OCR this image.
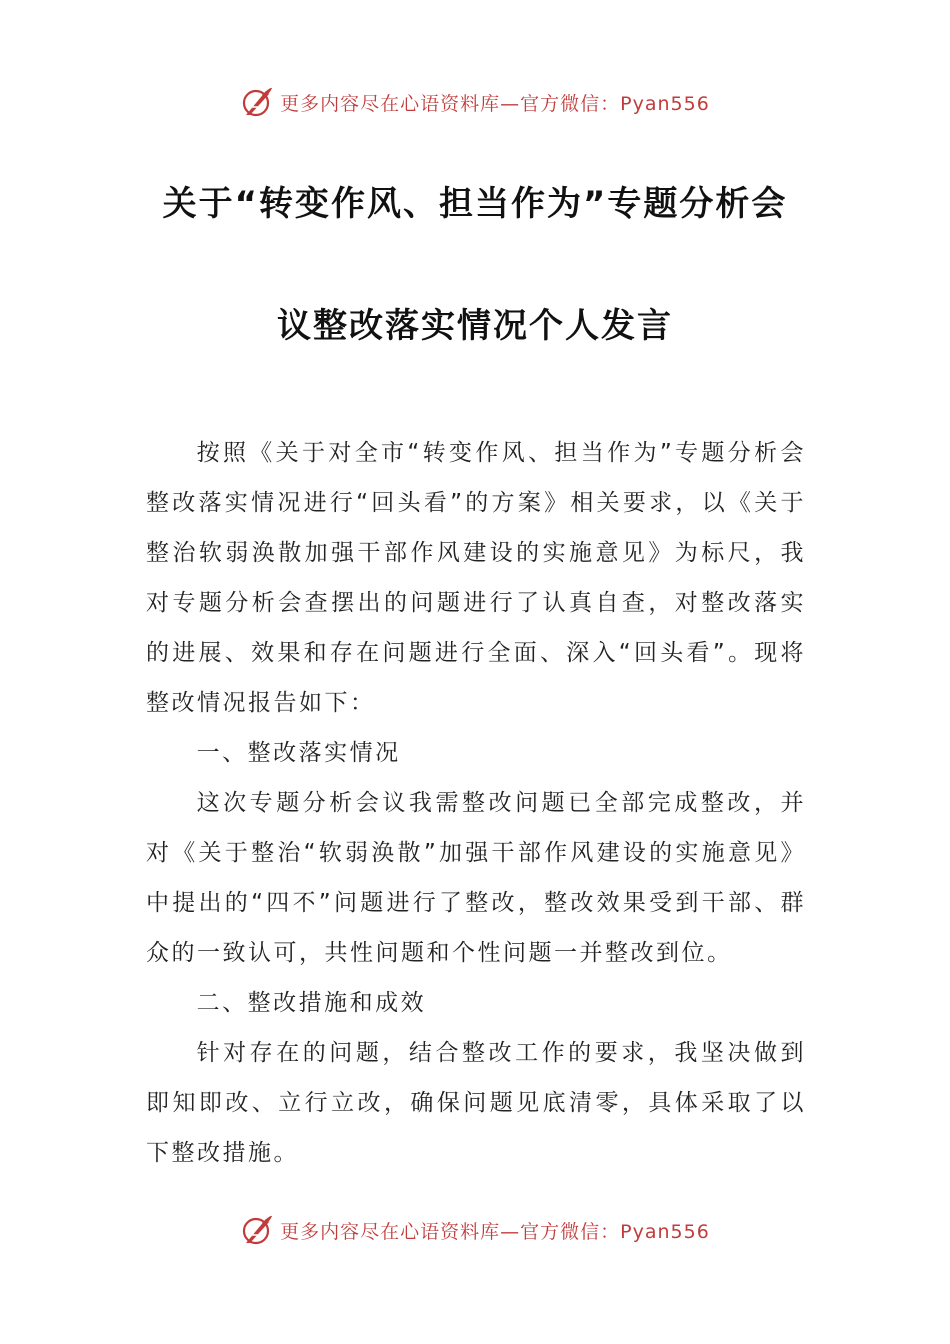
更多内容尽在心语资料库—官方微信：Pyan556
关于“转变作风、担当作为”专题分析会
议整改落实情况个人发言

按照《关于对全市“转变作风、担当作为”专题分析会整改落实情况进行“回头看”的方案》相关要求，以《关于整治软弱涣散加强干部作风建设的实施意见》为标尺，我对专题分析会查摆出的问题进行了认真自查，对整改落实的进展、效果和存在问题进行全面、深入“回头看”。现将整改情况报告如下：

一、整改落实情况

这次专题分析会议我需整改问题已全部完成整改，并对《关于整治“软弱涣散”加强干部作风建设的实施意见》中提出的“四不”问题进行了整改，整改效果受到干部、群众的一致认可，共性问题和个性问题一并整改到位。

二、整改措施和成效

针对存在的问题，结合整改工作的要求，我坚决做到即知即改、立行立改，确保问题见底清零，具体采取了以下整改措施。

更多内容尽在心语资料库—官方微信：Pyan556
